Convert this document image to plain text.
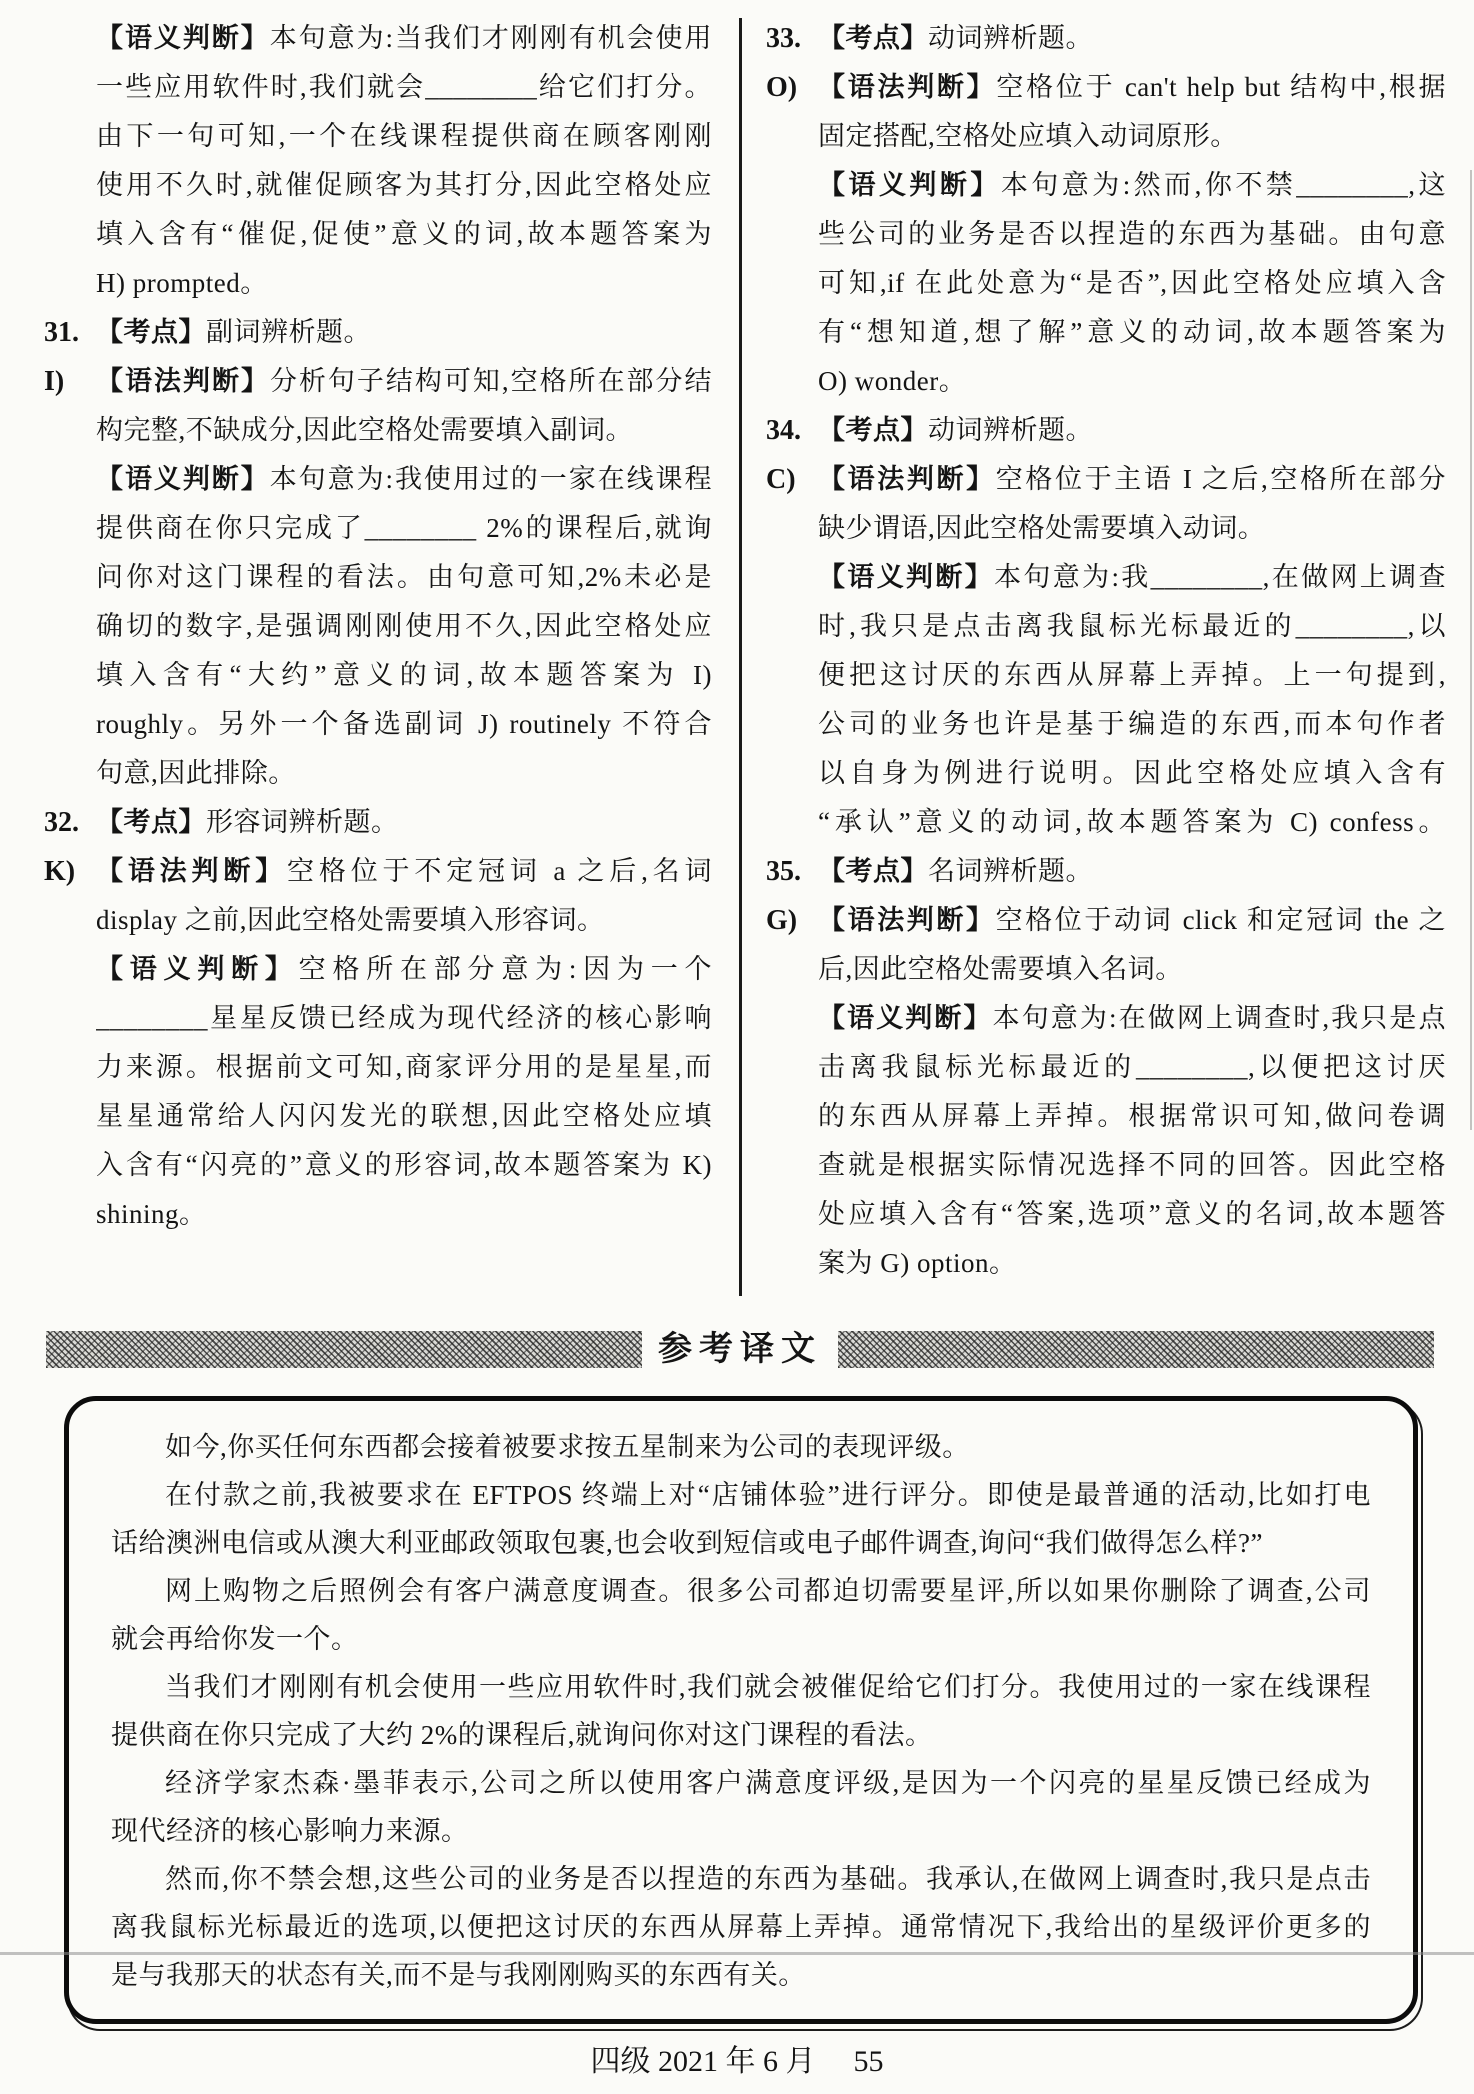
【语义判断】本句意为:当我们才刚刚有机会使用
一些应用软件时,我们就会________给它们打分。
由下一句可知,一个在线课程提供商在顾客刚刚
使用不久时,就催促顾客为其打分,因此空格处应
填入含有“催促,促使”意义的词,故本题答案为
H) prompted。
31. 【考点】副词辨析题。
I)	【语法判断】分析句子结构可知,空格所在部分结
构完整,不缺成分,因此空格处需要填入副词。
【语义判断】本句意为:我使用过的一家在线课程
提供商在你只完成了________ 2%的课程后,就询
问你对这门课程的看法。由句意可知,2%未必是
确切的数字,是强调刚刚使用不久,因此空格处应
填入含有“大约”意义的词,故本题答案为 I)
roughly。另外一个备选副词 J) routinely 不符合
句意,因此排除。
32. 【考点】形容词辨析题。
K) 【语法判断】空格位于不定冠词 a 之后,名词
display 之前,因此空格处需要填入形容词。
【语义判断】空格所在部分意为:因为一个
________星星反馈已经成为现代经济的核心影响
力来源。根据前文可知,商家评分用的是星星,而
星星通常给人闪闪发光的联想,因此空格处应填
入含有“闪亮的”意义的形容词,故本题答案为 K)
shining。
33. 【考点】动词辨析题。
O) 【语法判断】空格位于 can't help but 结构中,根据
固定搭配,空格处应填入动词原形。
【语义判断】本句意为:然而,你不禁________,这
些公司的业务是否以捏造的东西为基础。由句意
可知,if 在此处意为“是否”,因此空格处应填入含
有“想知道,想了解”意义的动词,故本题答案为
O) wonder。
34. 【考点】动词辨析题。
C) 【语法判断】空格位于主语 I 之后,空格所在部分
缺少谓语,因此空格处需要填入动词。
【语义判断】本句意为:我________,在做网上调查
时,我只是点击离我鼠标光标最近的________,以
便把这讨厌的东西从屏幕上弄掉。上一句提到,
公司的业务也许是基于编造的东西,而本句作者
以自身为例进行说明。因此空格处应填入含有
“承认”意义的动词,故本题答案为 C) confess。
35. 【考点】名词辨析题。
G) 【语法判断】空格位于动词 click 和定冠词 the 之
后,因此空格处需要填入名词。
【语义判断】本句意为:在做网上调查时,我只是点
击离我鼠标光标最近的________,以便把这讨厌
的东西从屏幕上弄掉。根据常识可知,做问卷调
查就是根据实际情况选择不同的回答。因此空格
处应填入含有“答案,选项”意义的名词,故本题答
案为 G) option。
参考译文
如今,你买任何东西都会接着被要求按五星制来为公司的表现评级。
在付款之前,我被要求在 EFTPOS 终端上对“店铺体验”进行评分。即使是最普通的活动,比如打电
话给澳洲电信或从澳大利亚邮政领取包裹,也会收到短信或电子邮件调查,询问“我们做得怎么样?”
网上购物之后照例会有客户满意度调查。很多公司都迫切需要星评,所以如果你删除了调查,公司
就会再给你发一个。
当我们才刚刚有机会使用一些应用软件时,我们就会被催促给它们打分。我使用过的一家在线课程
提供商在你只完成了大约 2%的课程后,就询问你对这门课程的看法。
经济学家杰森·墨菲表示,公司之所以使用客户满意度评级,是因为一个闪亮的星星反馈已经成为
现代经济的核心影响力来源。
然而,你不禁会想,这些公司的业务是否以捏造的东西为基础。我承认,在做网上调查时,我只是点击
离我鼠标光标最近的选项,以便把这讨厌的东西从屏幕上弄掉。通常情况下,我给出的星级评价更多的
是与我那天的状态有关,而不是与我刚刚购买的东西有关。
四级 2021 年 6 月 55
